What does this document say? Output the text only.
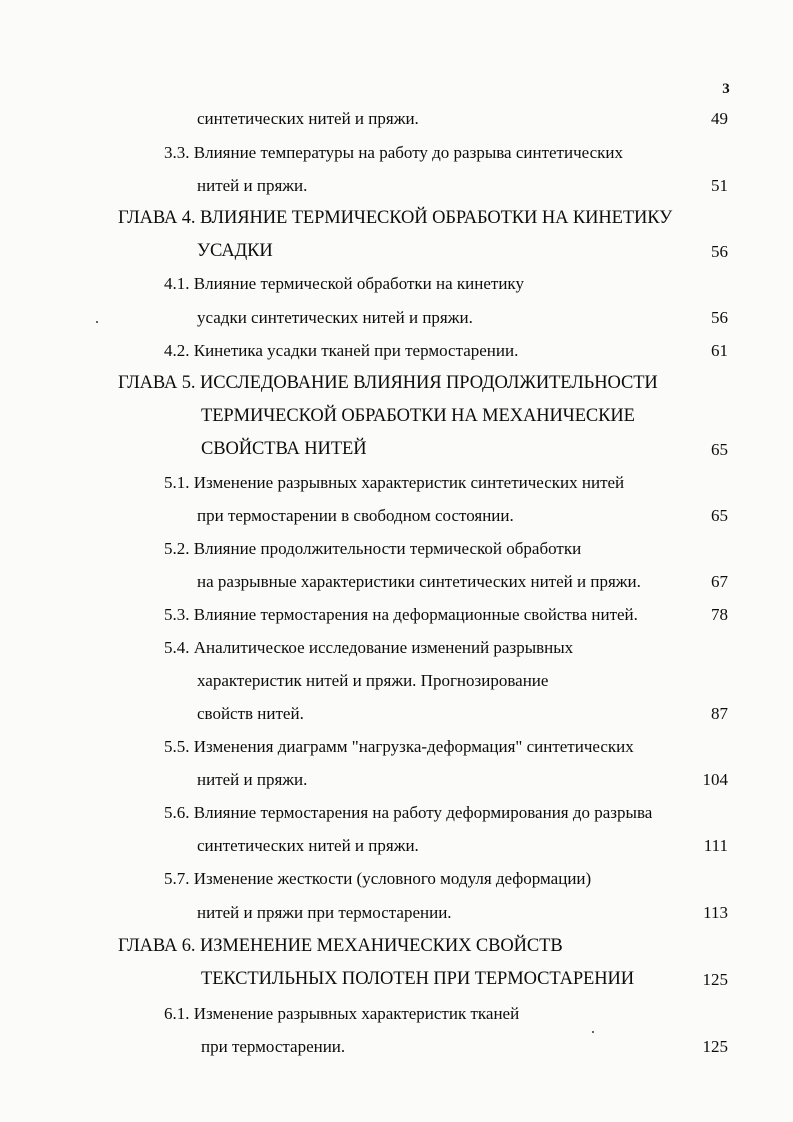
3
синтетических нитей и пряжи.	49
3.3. Влияние температуры на работу до разрыва синтетических
нитей и пряжи.	51
ГЛАВА 4. ВЛИЯНИЕ ТЕРМИЧЕСКОЙ ОБРАБОТКИ НА КИНЕТИКУ
УСАДКИ	56
4.1. Влияние термической обработки на кинетику
усадки синтетических нитей и пряжи.	56
4.2. Кинетика усадки тканей при термостарении.	61
ГЛАВА 5. ИССЛЕДОВАНИЕ ВЛИЯНИЯ ПРОДОЛЖИТЕЛЬНОСТИ
ТЕРМИЧЕСКОЙ ОБРАБОТКИ НА МЕХАНИЧЕСКИЕ
СВОЙСТВА НИТЕЙ	65
5.1. Изменение разрывных характеристик синтетических нитей
при термостарении в свободном состоянии.	65
5.2. Влияние продолжительности термической обработки
на разрывные характеристики синтетических нитей и пряжи.	67
5.3. Влияние термостарения на деформационные свойства нитей.	78
5.4. Аналитическое исследование изменений разрывных
характеристик нитей и пряжи. Прогнозирование
свойств нитей.	87
5.5. Изменения диаграмм "нагрузка-деформация" синтетических
нитей и пряжи.	104
5.6. Влияние термостарения на работу деформирования до разрыва
синтетических нитей и пряжи.	111
5.7. Изменение жесткости (условного модуля деформации)
нитей и пряжи при термостарении.	113
ГЛАВА 6. ИЗМЕНЕНИЕ МЕХАНИЧЕСКИХ СВОЙСТВ
ТЕКСТИЛЬНЫХ ПОЛОТЕН ПРИ ТЕРМОСТАРЕНИИ	125
6.1. Изменение разрывных характеристик тканей
при термостарении.	125
